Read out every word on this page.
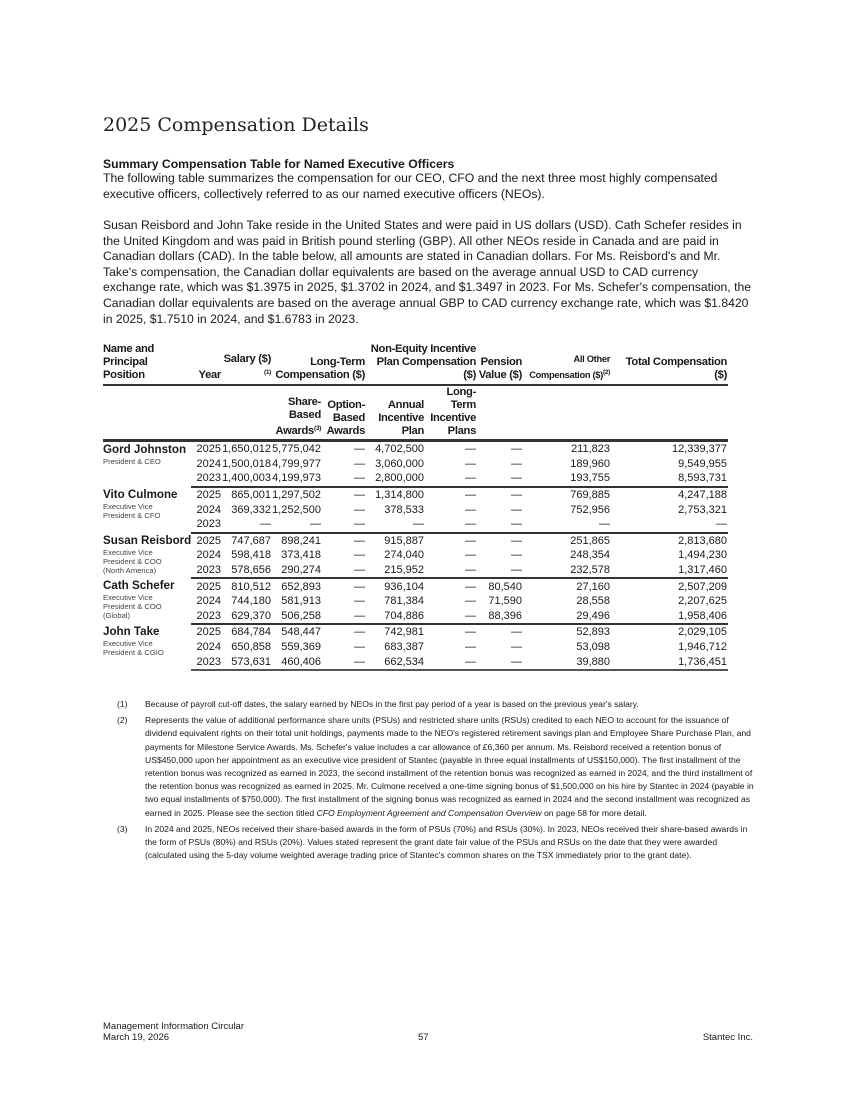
2025 Compensation Details
Summary Compensation Table for Named Executive Officers

The following table summarizes the compensation for our CEO, CFO and the next three most highly compensated executive officers, collectively referred to as our named executive officers (NEOs).

Susan Reisbord and John Take reside in the United States and were paid in US dollars (USD). Cath Schefer resides in the United Kingdom and was paid in British pound sterling (GBP). All other NEOs reside in Canada and are paid in Canadian dollars (CAD). In the table below, all amounts are stated in Canadian dollars. For Ms. Reisbord's and Mr. Take's compensation, the Canadian dollar equivalents are based on the average annual USD to CAD currency exchange rate, which was $1.3975 in 2025, $1.3702 in 2024, and $1.3497 in 2023. For Ms. Schefer's compensation, the Canadian dollar equivalents are based on the average annual GBP to CAD currency exchange rate, which was $1.8420 in 2025, $1.7510 in 2024, and $1.6783 in 2023.

Name and Principal Position	Year	Salary ($)$^{(1)}$	Long-Term Compensation ($)		Non-Equity Incentive Plan Compensation ($)		Pension Value ($)	All Other Compensation ($)$^{(2)}$	Total Compensation ($)
			Share-Based Awards$^{(3)}$	Option-Based Awards	Annual Incentive Plan	Long-Term Incentive Plans			

Gord Johnston
President & CEO	2025	1,650,012	5,775,042	—	4,702,500	—	—	211,823	12,339,377
	2024	1,500,018	4,799,977	—	3,060,000	—	—	189,960	9,549,955
	2023	1,400,003	4,199,973	—	2,800,000	—	—	193,755	8,593,731

Vito Culmone
Executive Vice President & CFO	2025	865,001	1,297,502	—	1,314,800	—	—	769,885	4,247,188
	2024	369,332	1,252,500	—	378,533	—	—	752,956	2,753,321
	2023	—	—	—	—	—	—	—	—

Susan Reisbord
Executive Vice President & COO (North America)	2025	747,687	898,241	—	915,887	—	—	251,865	2,813,680
	2024	598,418	373,418	—	274,040	—	—	248,354	1,494,230
	2023	578,656	290,274	—	215,952	—	—	232,578	1,317,460

Cath Schefer
Executive Vice President & COO (Global)	2025	810,512	652,893	—	936,104	—	80,540	27,160	2,507,209
	2024	744,180	581,913	—	781,384	—	71,590	28,558	2,207,625
	2023	629,370	506,258	—	704,886	—	88,396	29,496	1,958,406

John Take
Executive Vice President & CGIO	2025	684,784	548,447	—	742,981	—	—	52,893	2,029,105
	2024	650,858	559,369	—	683,387	—	—	53,098	1,946,712
	2023	573,631	460,406	—	662,534	—	—	39,880	1,736,451
(1)	Because of payroll cut-off dates, the salary earned by NEOs in the first pay period of a year is based on the previous year's salary.
(2)	Represents the value of additional performance share units (PSUs) and restricted share units (RSUs) credited to each NEO to account for the issuance of dividend equivalent rights on their total unit holdings, payments made to the NEO's registered retirement savings plan and Employee Share Purchase Plan, and payments for Milestone Service Awards. Ms. Schefer's value includes a car allowance of £6,360 per annum. Ms. Reisbord received a retention bonus of US$450,000 upon her appointment as an executive vice president of Stantec (payable in three equal installments of US$150,000). The first installment of the retention bonus was recognized as earned in 2023, the second installment of the retention bonus was recognized as earned in 2024, and the third installment of the retention bonus was recognized as earned in 2025. Mr. Culmone received a one-time signing bonus of $1,500,000 on his hire by Stantec in 2024 (payable in two equal installments of $750,000). The first installment of the signing bonus was recognized as earned in 2024 and the second installment was recognized as earned in 2025. Please see the section titled CFO Employment Agreement and Compensation Overview on page 58 for more detail.
(3)	In 2024 and 2025, NEOs received their share-based awards in the form of PSUs (70%) and RSUs (30%). In 2023, NEOs received their share-based awards in the form of PSUs (80%) and RSUs (20%). Values stated represent the grant date fair value of the PSUs and RSUs on the date that they were awarded (calculated using the 5-day volume weighted average trading price of Stantec's common shares on the TSX immediately prior to the grant date).
Management Information Circular
March 19, 2026	57	Stantec Inc.
